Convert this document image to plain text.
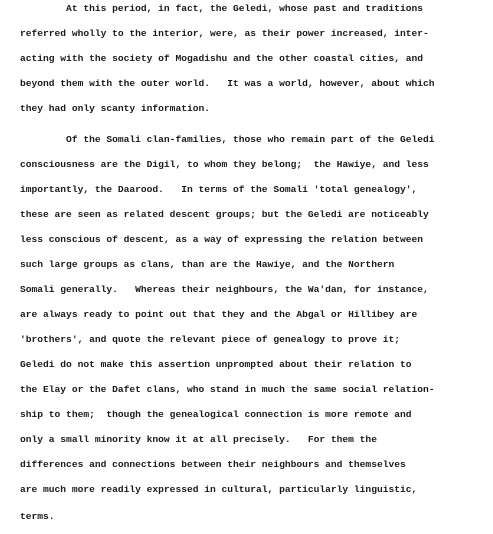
At this period, in fact, the Geledi, whose past and traditions
referred wholly to the interior, were, as their power increased, inter-
acting with the society of Mogadishu and the other coastal cities, and
beyond them with the outer world.   It was a world, however, about which
they had only scanty information.
Of the Somali clan-families, those who remain part of the Geledi
consciousness are the Digil, to whom they belong;  the Hawiye, and less
importantly, the Daarood.   In terms of the Somali 'total genealogy',
these are seen as related descent groups; but the Geledi are noticeably
less conscious of descent, as a way of expressing the relation between
such large groups as clans, than are the Hawiye, and the Northern
Somali generally.   Whereas their neighbours, the Wa'dan, for instance,
are always ready to point out that they and the Abgal or Hillibey are
'brothers', and quote the relevant piece of genealogy to prove it;
Geledi do not make this assertion unprompted about their relation to
the Elay or the Dafet clans, who stand in much the same social relation-
ship to them;  though the genealogical connection is more remote and
only a small minority know it at all precisely.   For them the
differences and connections between their neighbours and themselves
are much more readily expressed in cultural, particularly linguistic,
terms.
